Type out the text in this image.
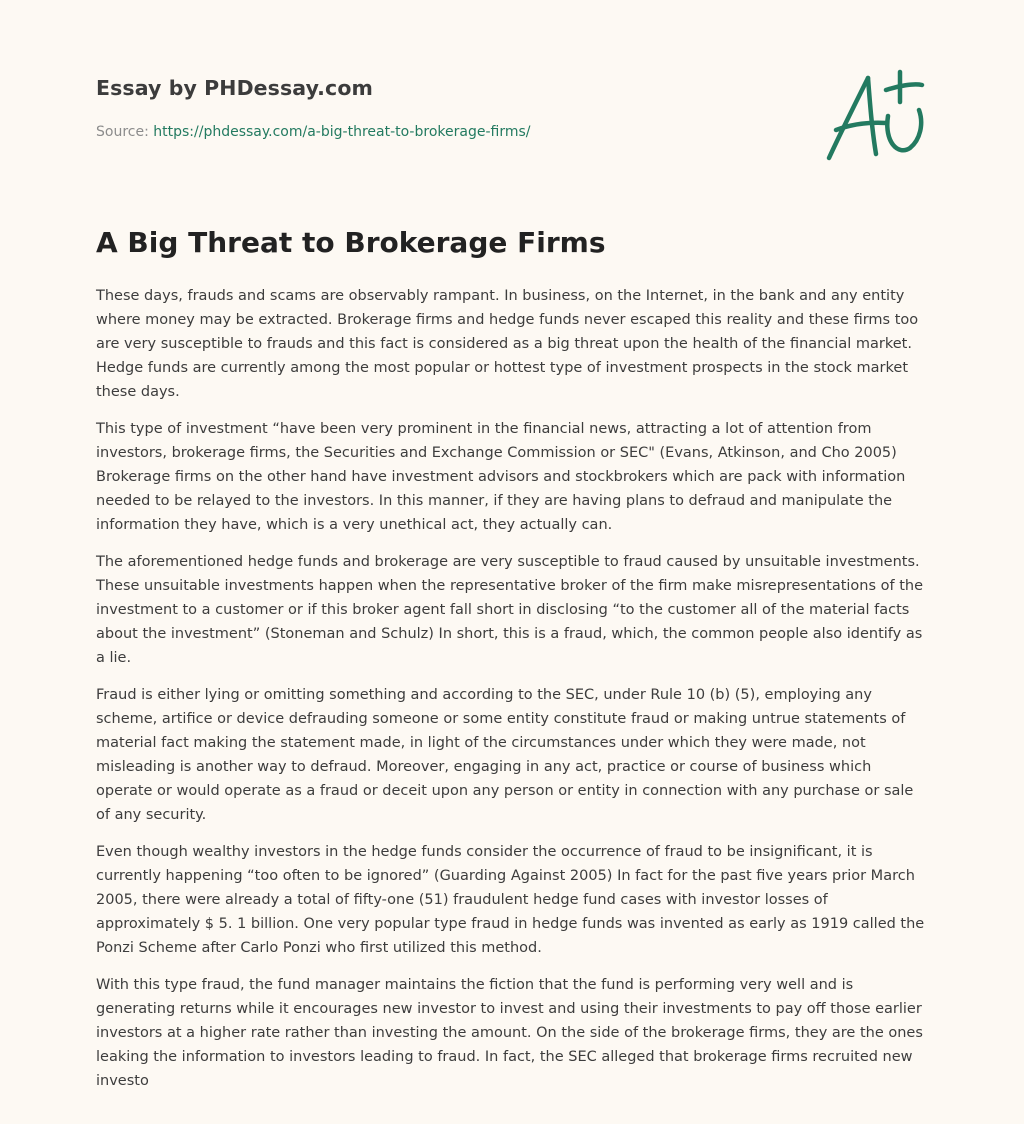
Essay by PHDessay.com
Source: https://phdessay.com/a-big-threat-to-brokerage-firms/
A Big Threat to Brokerage Firms

These days, frauds and scams are observably rampant. In business, on the Internet, in the bank and any entity where money may be extracted. Brokerage firms and hedge funds never escaped this reality and these firms too are very susceptible to frauds and this fact is considered as a big threat upon the health of the financial market. Hedge funds are currently among the most popular or hottest type of investment prospects in the stock market these days.

This type of investment “have been very prominent in the financial news, attracting a lot of attention from investors, brokerage firms, the Securities and Exchange Commission or SEC" (Evans, Atkinson, and Cho 2005) Brokerage firms on the other hand have investment advisors and stockbrokers which are pack with information needed to be relayed to the investors. In this manner, if they are having plans to defraud and manipulate the information they have, which is a very unethical act, they actually can.

The aforementioned hedge funds and brokerage are very susceptible to fraud caused by unsuitable investments. These unsuitable investments happen when the representative broker of the firm make misrepresentations of the investment to a customer or if this broker agent fall short in disclosing “to the customer all of the material facts about the investment” (Stoneman and Schulz) In short, this is a fraud, which, the common people also identify as a lie.

Fraud is either lying or omitting something and according to the SEC, under Rule 10 (b) (5), employing any scheme, artifice or device defrauding someone or some entity constitute fraud or making untrue statements of material fact making the statement made, in light of the circumstances under which they were made, not misleading is another way to defraud. Moreover, engaging in any act, practice or course of business which operate or would operate as a fraud or deceit upon any person or entity in connection with any purchase or sale of any security.

Even though wealthy investors in the hedge funds consider the occurrence of fraud to be insignificant, it is currently happening “too often to be ignored” (Guarding Against 2005) In fact for the past five years prior March 2005, there were already a total of fifty-one (51) fraudulent hedge fund cases with investor losses of approximately $ 5. 1 billion. One very popular type fraud in hedge funds was invented as early as 1919 called the Ponzi Scheme after Carlo Ponzi who first utilized this method.

With this type fraud, the fund manager maintains the fiction that the fund is performing very well and is generating returns while it encourages new investor to invest and using their investments to pay off those earlier investors at a higher rate rather than investing the amount. On the side of the brokerage firms, they are the ones leaking the information to investors leading to fraud. In fact, the SEC alleged that brokerage firms recruited new investo
